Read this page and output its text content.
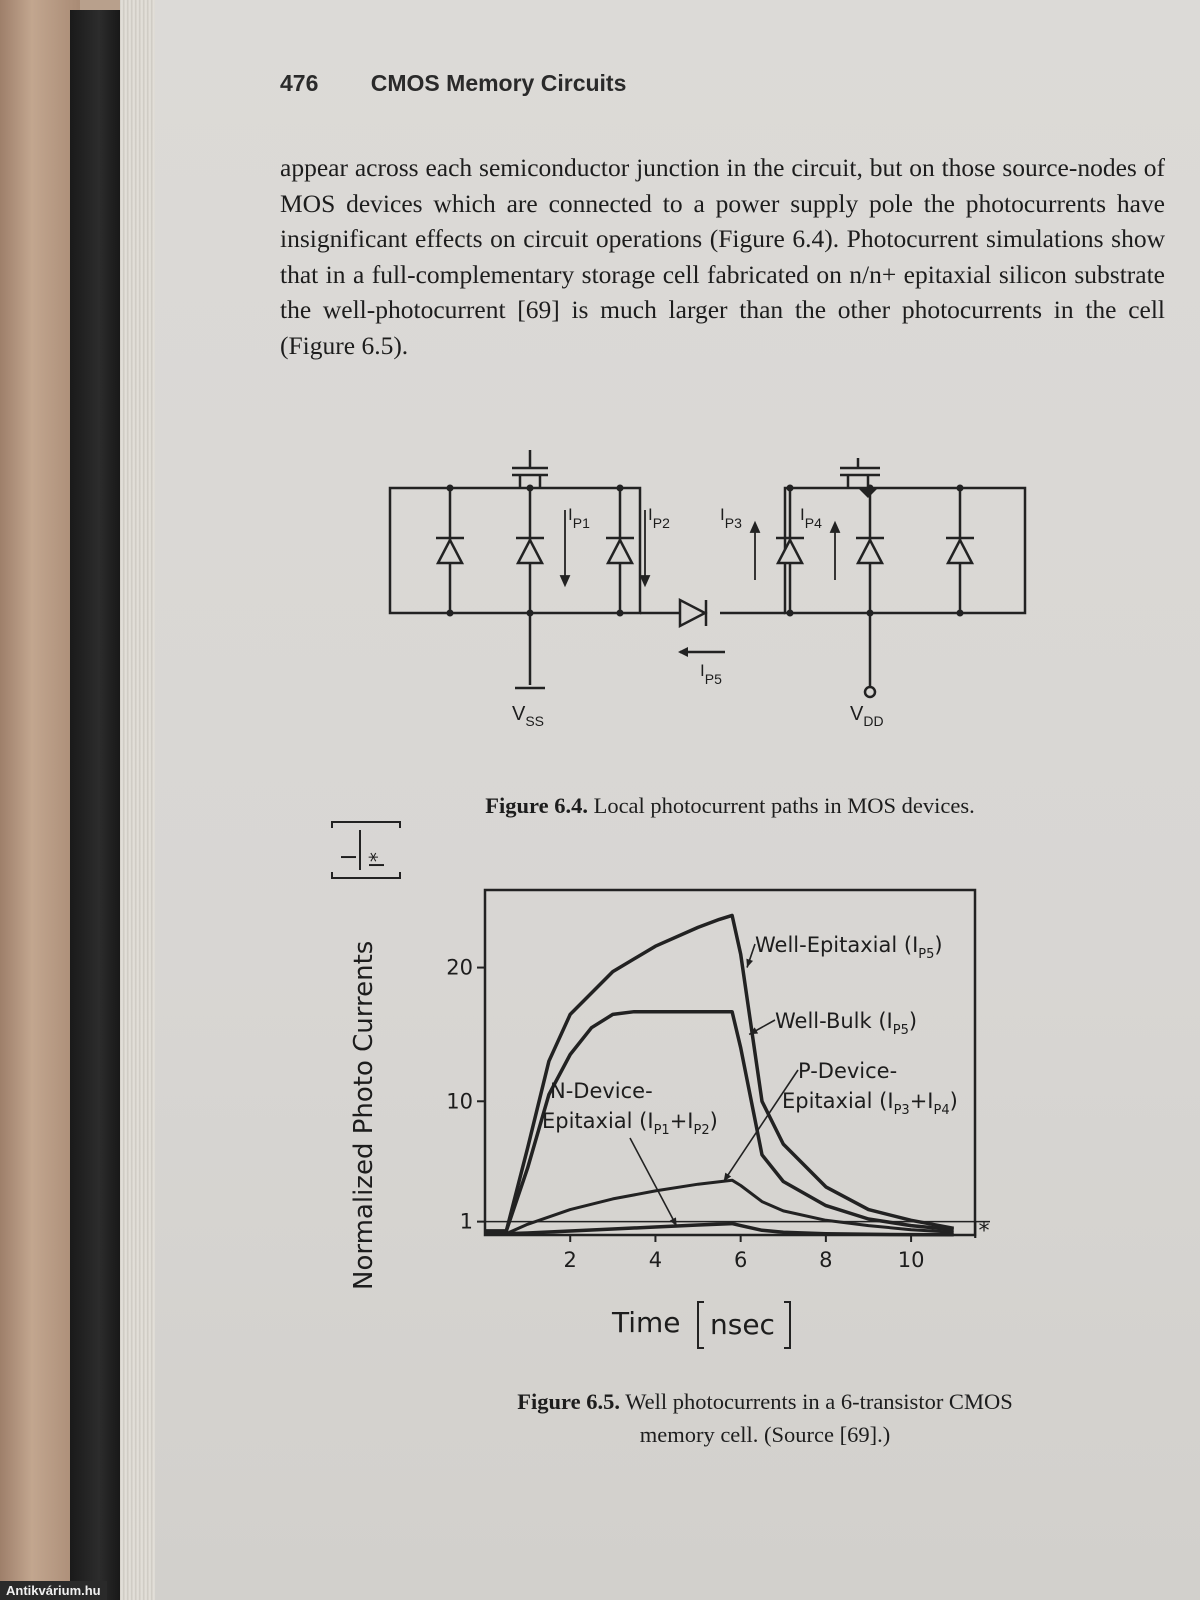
476 CMOS Memory Circuits
appear across each semiconductor junction in the circuit, but on those source-nodes of MOS devices which are connected to a power supply pole the photocurrents have insignificant effects on circuit operations (Figure 6.4). Photocurrent simulations show that in a full-complementary storage cell fabricated on n/n+ epitaxial silicon substrate the well-photocurrent [69] is much larger than the other photocurrents in the cell (Figure 6.5).
$I_{P1}$	$I_{P2}$	$I_{P3}$	$I_{P4}$
$I_{P5}$
$V_{SS}$	$V_{DD}$
Figure 6.4. Local photocurrent paths in MOS devices.
Normalized Photo Currents
I I*
2	4	6	8	10
1
10
20
Time nsec
Well-Epitaxial $(I_{P5})$
Well-Bulk $(I_{P5})$
P-Device-
Epitaxial $(I_{P3}+I_{P4})$
N-Device-
Epitaxial $(I_{P1}+I_{P2})$
I*
Figure 6.5. Well photocurrents in a 6-transistor CMOS
memory cell. (Source [69].)
Antikvárium.hu
